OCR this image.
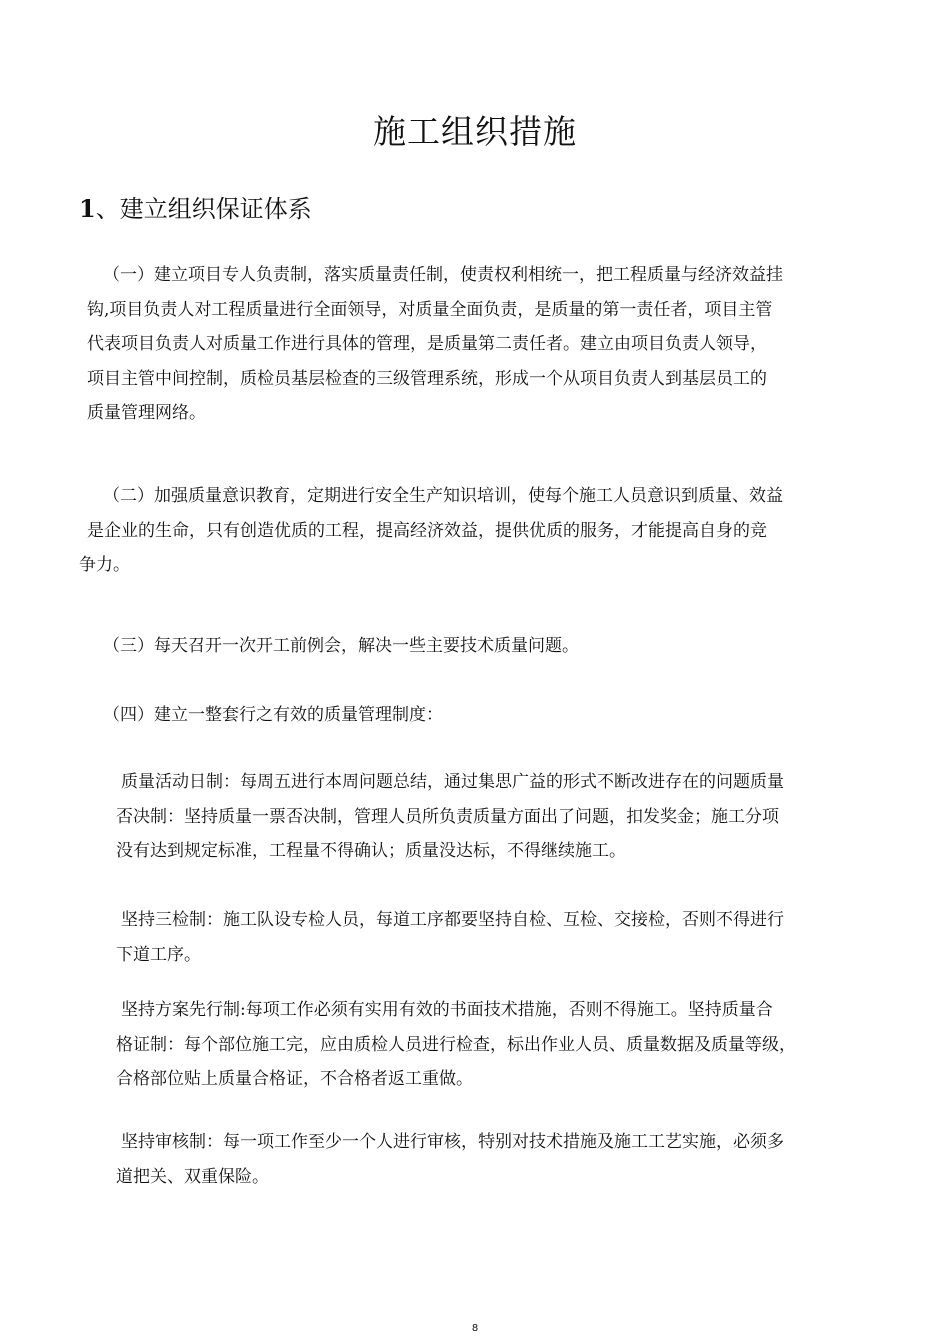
施工组织措施
1、建立组织保证体系
（一）建立项目专人负责制，落实质量责任制，使责权利相统一，把工程质量与经济效益挂
钩,项目负责人对工程质量进行全面领导，对质量全面负责，是质量的第一责任者，项目主管
代表项目负责人对质量工作进行具体的管理，是质量第二责任者。建立由项目负责人领导，
项目主管中间控制，质检员基层检查的三级管理系统，形成一个从项目负责人到基层员工的
质量管理网络。
（二）加强质量意识教育，定期进行安全生产知识培训，使每个施工人员意识到质量、效益
是企业的生命，只有创造优质的工程，提高经济效益，提供优质的服务，才能提高自身的竞
争力。
（三）每天召开一次开工前例会，解决一些主要技术质量问题。
（四）建立一整套行之有效的质量管理制度：
质量活动日制：每周五进行本周问题总结，通过集思广益的形式不断改进存在的问题质量
否决制：坚持质量一票否决制，管理人员所负责质量方面出了问题，扣发奖金；施工分项
没有达到规定标准，工程量不得确认；质量没达标，不得继续施工。
坚持三检制：施工队设专检人员，每道工序都要坚持自检、互检、交接检，否则不得进行
下道工序。
坚持方案先行制:每项工作必须有实用有效的书面技术措施，否则不得施工。坚持质量合
格证制：每个部位施工完，应由质检人员进行检查，标出作业人员、质量数据及质量等级，
合格部位贴上质量合格证，不合格者返工重做。
坚持审核制：每一项工作至少一个人进行审核，特别对技术措施及施工工艺实施，必须多
道把关、双重保险。
8
